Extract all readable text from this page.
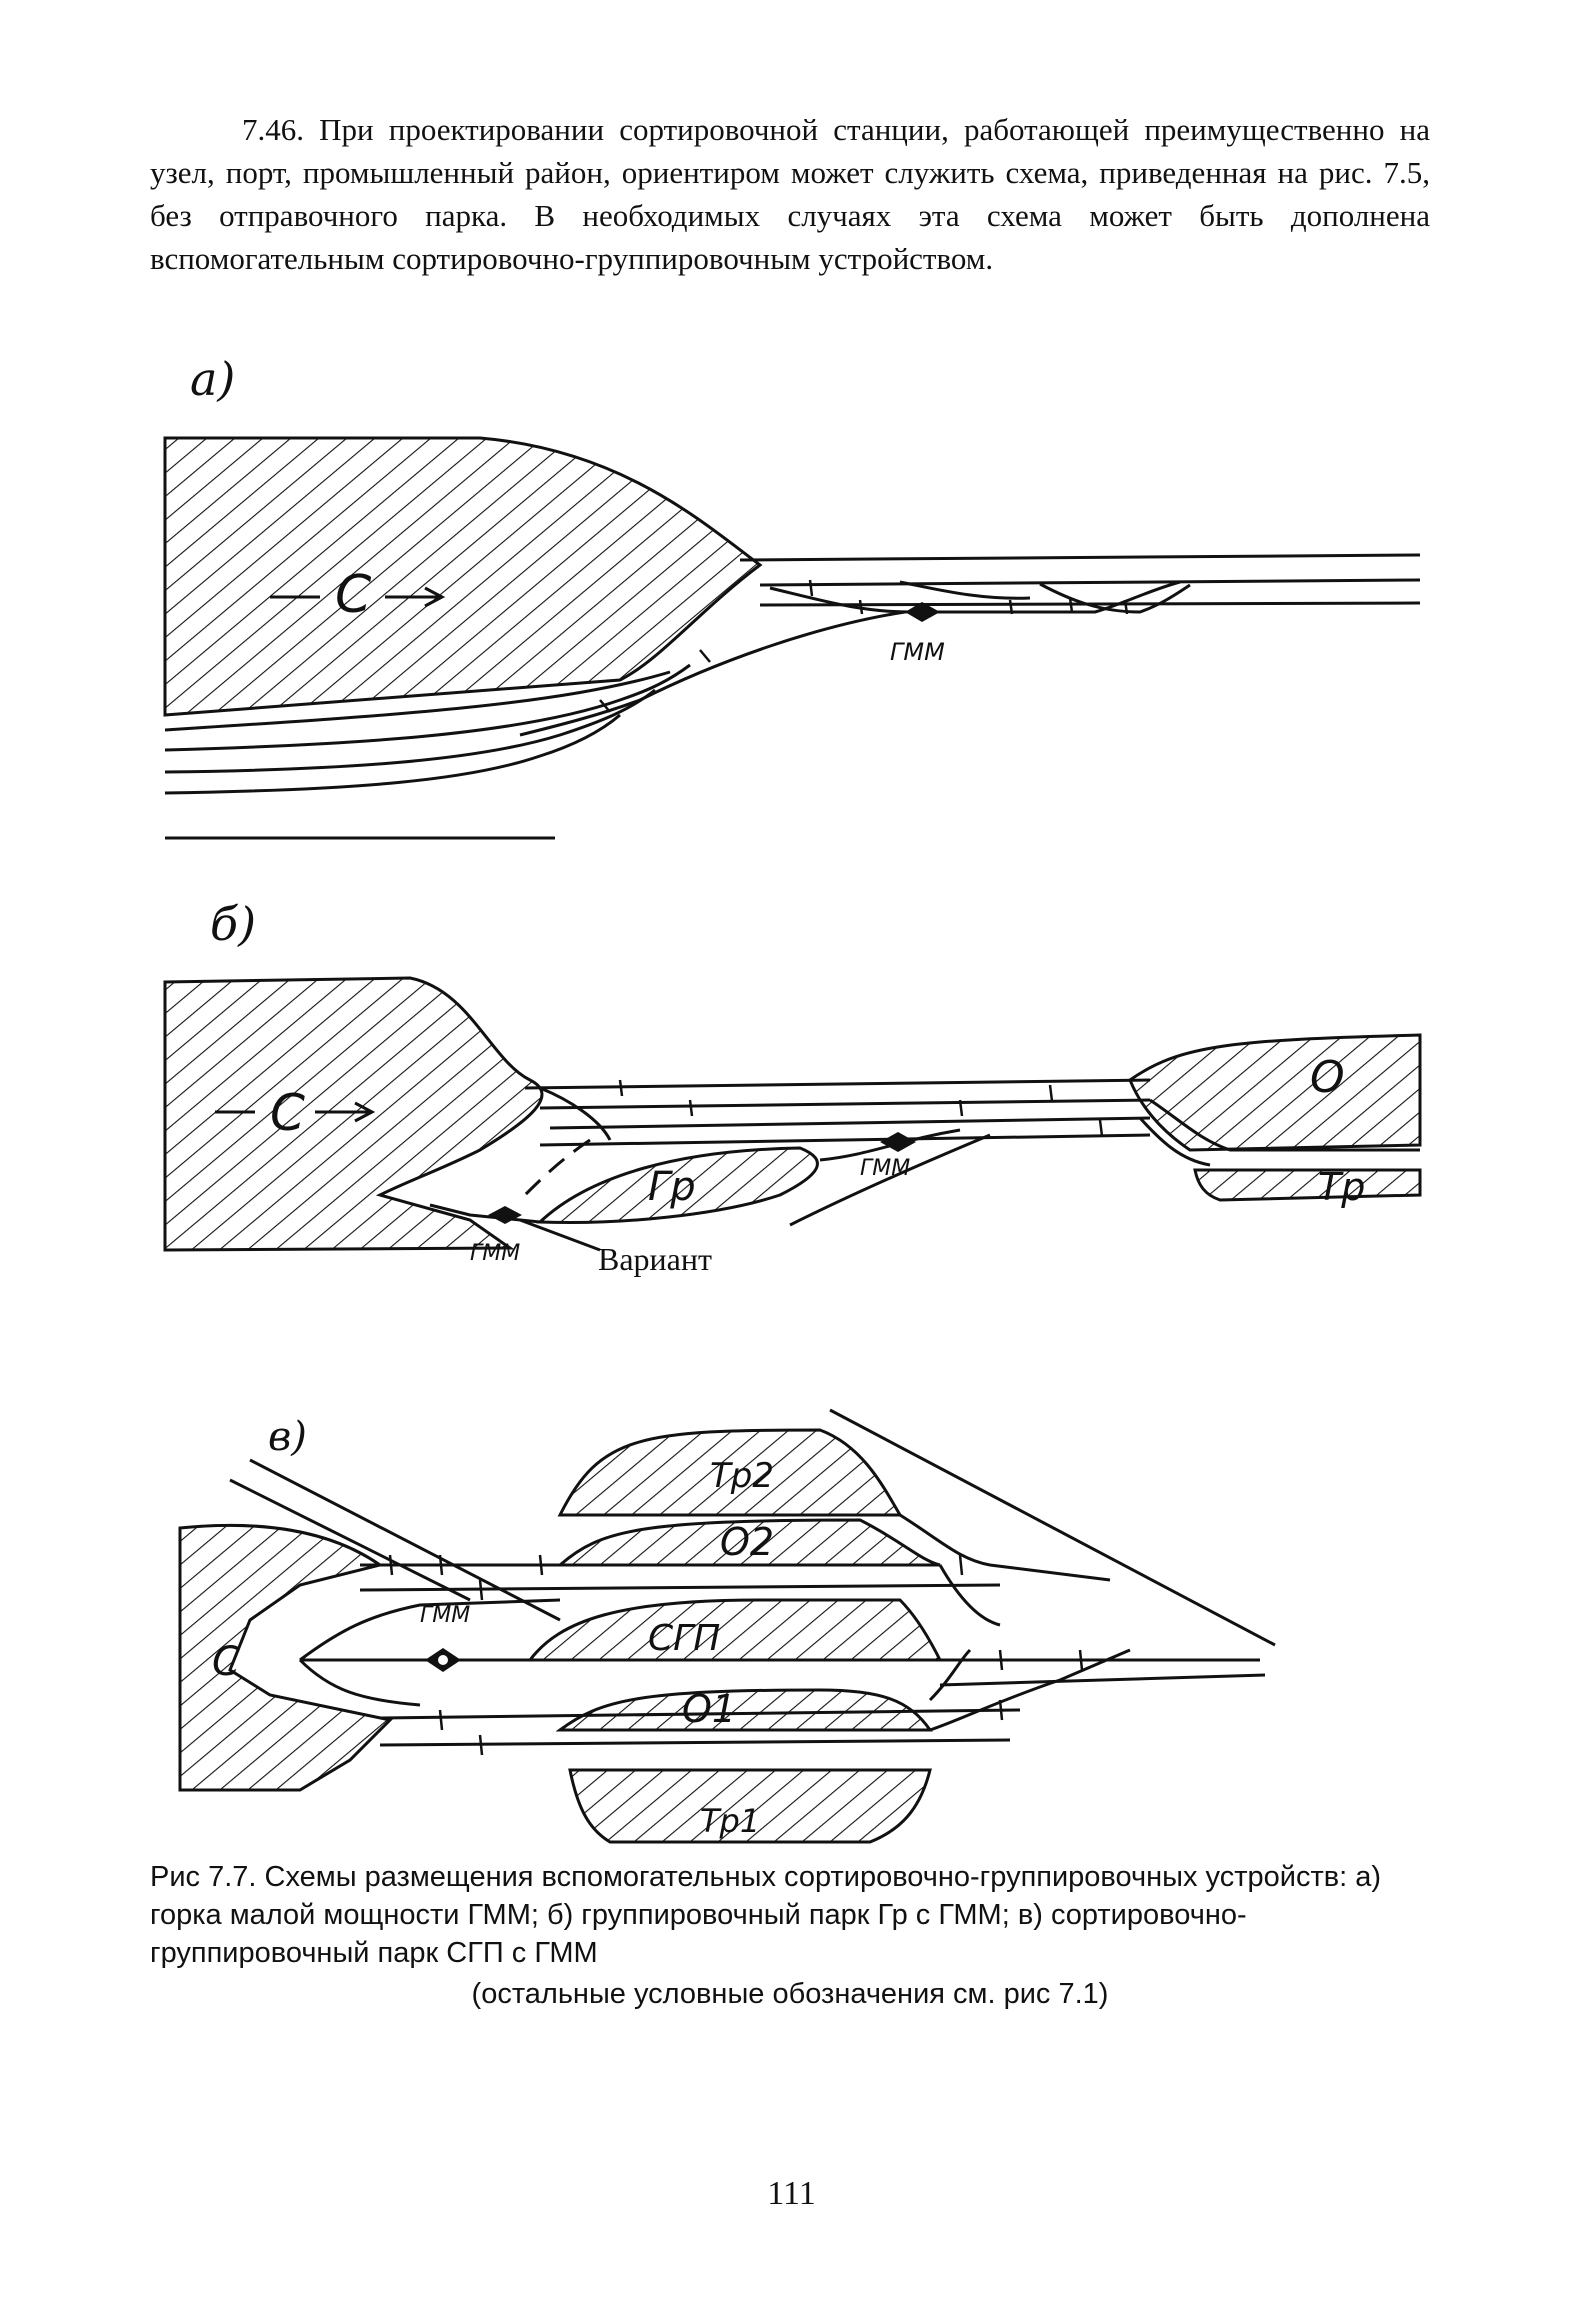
7.46. При проектировании сортировочной станции, работающей преимущественно на узел, порт, промышленный район, ориентиром может служить схема, приведенная на рис. 7.5, без отправочного парка. В необходимых случаях эта схема может быть дополнена вспомогательным сортировочно-группировочным устройством.

С
ГММ
С
Гр
О
Тр
ГММ
ГММ Вариант
С
Тр2
О2
СГП
О1
Тр1
ГММ
а)
б)
в)

Рис 7.7. Схемы размещения вспомогательных сортировочно-группировочных устройств: а) горка малой мощности ГММ; б) группировочный парк Гр с ГММ; в) сортировочно-группировочный парк СГП с ГММ

(остальные условные обозначения см. рис 7.1)
111
